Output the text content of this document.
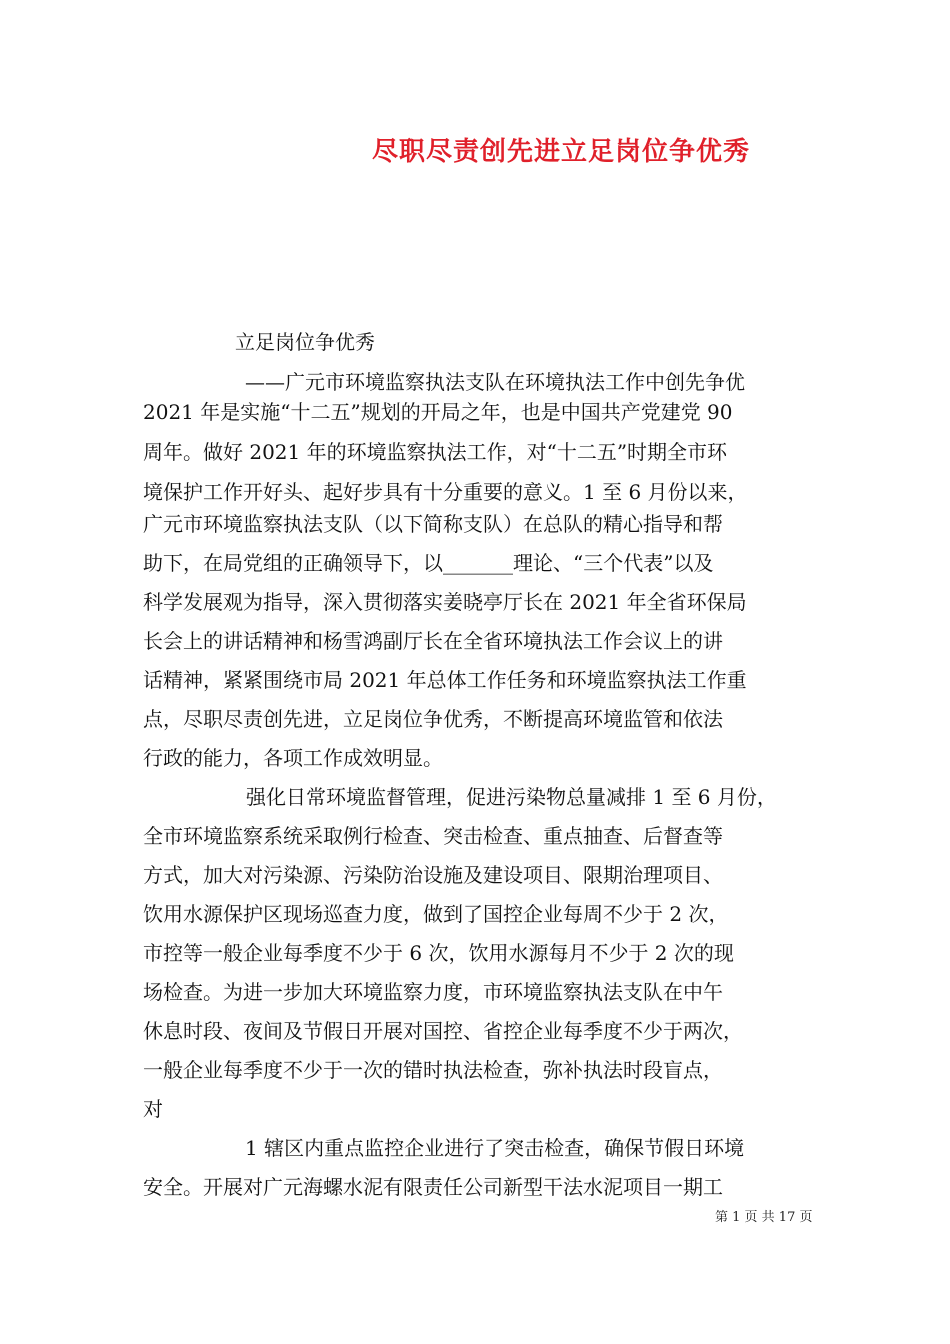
尽职尽责创先进立足岗位争优秀
立足岗位争优秀
——广元市环境监察执法支队在环境执法工作中创先争优
2021 年是实施“十二五”规划的开局之年，也是中国共产党建党 90
周年。做好 2021 年的环境监察执法工作，对“十二五”时期全市环
境保护工作开好头、起好步具有十分重要的意义。1 至 6 月份以来，
广元市环境监察执法支队（以下简称支队）在总队的精心指导和帮
助下，在局党组的正确领导下，以_______理论、“三个代表”以及
科学发展观为指导，深入贯彻落实姜晓亭厅长在 2021 年全省环保局
长会上的讲话精神和杨雪鸿副厅长在全省环境执法工作会议上的讲
话精神，紧紧围绕市局 2021 年总体工作任务和环境监察执法工作重
点，尽职尽责创先进，立足岗位争优秀，不断提高环境监管和依法
行政的能力，各项工作成效明显。
强化日常环境监督管理，促进污染物总量减排 1 至 6 月份，
全市环境监察系统采取例行检查、突击检查、重点抽查、后督查等
方式，加大对污染源、污染防治设施及建设项目、限期治理项目、
饮用水源保护区现场巡查力度，做到了国控企业每周不少于 2 次，
市控等一般企业每季度不少于 6 次，饮用水源每月不少于 2 次的现
场检查。为进一步加大环境监察力度，市环境监察执法支队在中午
休息时段、夜间及节假日开展对国控、省控企业每季度不少于两次，
一般企业每季度不少于一次的错时执法检查，弥补执法时段盲点，
对
1 辖区内重点监控企业进行了突击检查，确保节假日环境
安全。开展对广元海螺水泥有限责任公司新型干法水泥项目一期工
第 1 页 共 17 页
